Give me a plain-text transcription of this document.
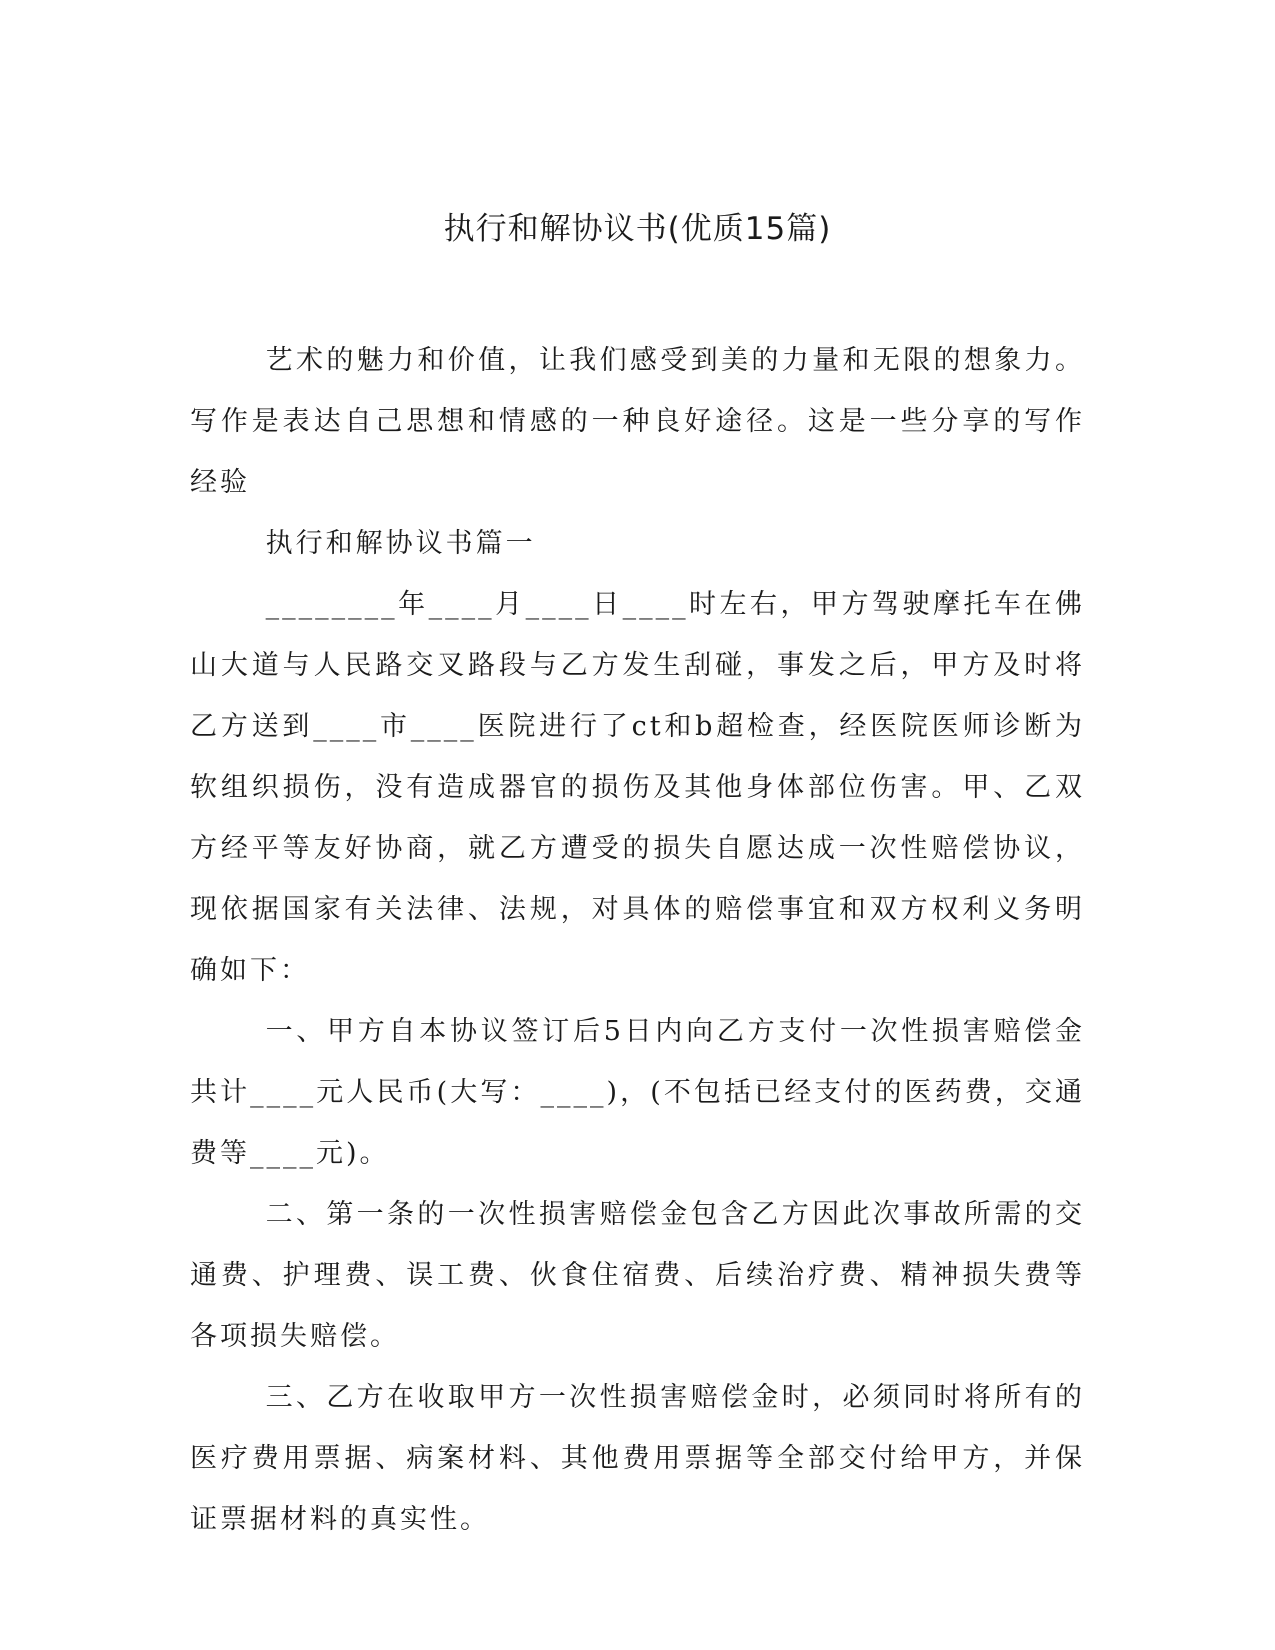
执行和解协议书(优质15篇)

艺术的魅力和价值，让我们感受到美的力量和无限的想象力。写作是表达自己思想和情感的一种良好途径。这是一些分享的写作经验

执行和解协议书篇一

________年____月____日____时左右，甲方驾驶摩托车在佛山大道与人民路交叉路段与乙方发生刮碰，事发之后，甲方及时将乙方送到____市____医院进行了ct和b超检查，经医院医师诊断为软组织损伤，没有造成器官的损伤及其他身体部位伤害。甲、乙双方经平等友好协商，就乙方遭受的损失自愿达成一次性赔偿协议，现依据国家有关法律、法规，对具体的赔偿事宜和双方权利义务明确如下：

一、甲方自本协议签订后5日内向乙方支付一次性损害赔偿金共计____元人民币(大写：____)，(不包括已经支付的医药费，交通费等____元)。

二、第一条的一次性损害赔偿金包含乙方因此次事故所需的交通费、护理费、误工费、伙食住宿费、后续治疗费、精神损失费等各项损失赔偿。

三、乙方在收取甲方一次性损害赔偿金时，必须同时将所有的医疗费用票据、病案材料、其他费用票据等全部交付给甲方，并保证票据材料的真实性。
